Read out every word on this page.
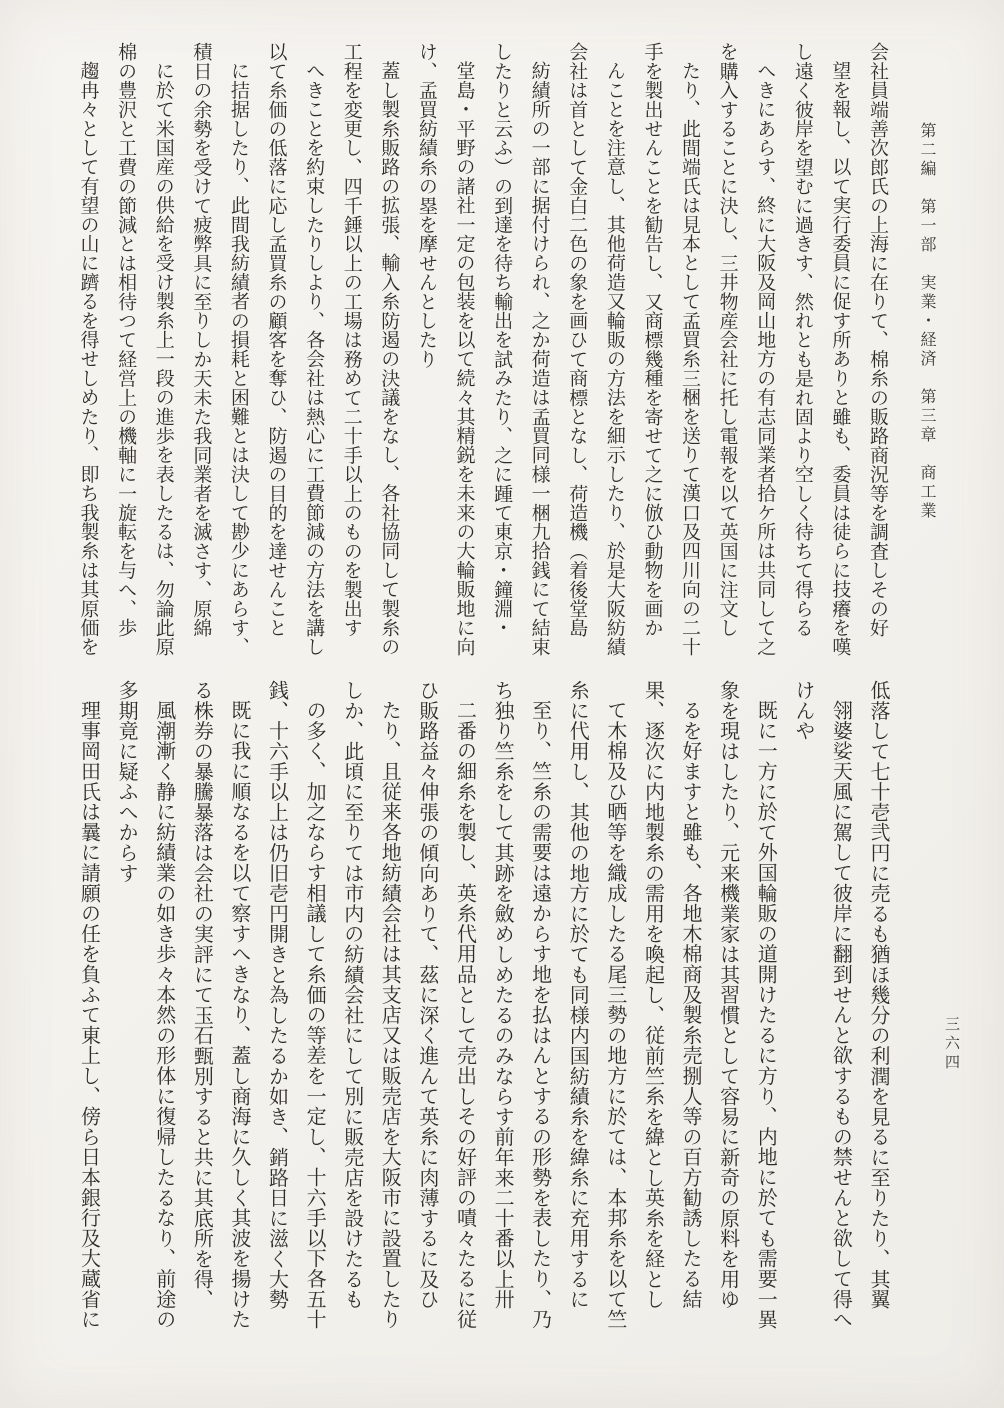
第二編　第一部　実業・経済　第三章　商工業
会社員端善次郎氏の上海に在りて、棉糸の販路商況等を調査しその好
望を報し、以て実行委員に促す所ありと雖も、委員は徒らに技癢を嘆
し遠く彼岸を望むに過きす、然れとも是れ固より空しく待ちて得らる
へきにあらす、終に大阪及岡山地方の有志同業者拾ケ所は共同して之
を購入することに決し、三井物産会社に托し電報を以て英国に注文し
たり、此間端氏は見本として孟買糸三梱を送りて漢口及四川向の二十
手を製出せんことを勧告し、又商標幾種を寄せて之に倣ひ動物を画か
んことを注意し、其他荷造又輪販の方法を細示したり、於是大阪紡績
会社は首として金白二色の象を画ひて商標となし、荷造機（着後堂島
紡績所の一部に据付けられ、之か荷造は孟買同様一梱九拾銭にて結束
したりと云ふ）の到達を待ち輸出を試みたり、之に踵て東京・鐘淵・
堂島・平野の諸社一定の包装を以て続々其精鋭を未来の大輪販地に向
け、孟買紡績糸の塁を摩せんとしたり
蓋し製糸販路の拡張、輸入糸防遏の決議をなし、各社協同して製糸の
工程を変更し、四千錘以上の工場は務めて二十手以上のものを製出す
へきことを約束したりしより、各会社は熱心に工費節減の方法を講し
以て糸価の低落に応し孟買糸の顧客を奪ひ、防遏の目的を達せんこと
に拮据したり、此間我紡績者の損耗と困難とは決して尠少にあらす、
積日の余勢を受けて疲弊具に至りしか天未た我同業者を滅さす、原綿
に於て米国産の供給を受け製糸上一段の進歩を表したるは、勿論此原
棉の豊沢と工費の節減とは相待つて経営上の機軸に一旋転を与へ、歩
趨冉々として有望の山に躋るを得せしめたり、即ち我製糸は其原価を
低落して七十壱弐円に売るも猶ほ幾分の利潤を見るに至りたり、其翼
翎婆娑天風に駕して彼岸に翻到せんと欲するもの禁せんと欲して得へ
けんや
既に一方に於て外国輪販の道開けたるに方り、内地に於ても需要一異
象を現はしたり、元来機業家は其習慣として容易に新奇の原料を用ゆ
るを好ますと雖も、各地木棉商及製糸売捌人等の百方勧誘したる結
果、逐次に内地製糸の需用を喚起し、従前竺糸を緯とし英糸を経とし
て木棉及ひ晒等を織成したる尾三勢の地方に於ては、本邦糸を以て竺
糸に代用し、其他の地方に於ても同様内国紡績糸を緯糸に充用するに
至り、竺糸の需要は遠からす地を払はんとするの形勢を表したり、乃
ち独り竺糸をして其跡を斂めしめたるのみならす前年来二十番以上卅
二番の細糸を製し、英糸代用品として売出しその好評の嘖々たるに従
ひ販路益々伸張の傾向ありて、茲に深く進んて英糸に肉薄するに及ひ
たり、且従来各地紡績会社は其支店又は販売店を大阪市に設置したり
しか、此頃に至りては市内の紡績会社にして別に販売店を設けたるも
の多く、加之ならす相議して糸価の等差を一定し、十六手以下各五十
銭、十六手以上は仍旧壱円開きと為したるか如き、銷路日に滋く大勢
既に我に順なるを以て察すへきなり、蓋し商海に久しく其波を揚けた
る株券の暴騰暴落は会社の実評にて玉石甄別すると共に其底所を得、
風潮漸く静に紡績業の如き歩々本然の形体に復帰したるなり、前途の
多期竟に疑ふへからす
理事岡田氏は曩に請願の任を負ふて東上し、傍ら日本銀行及大蔵省に	三六四
